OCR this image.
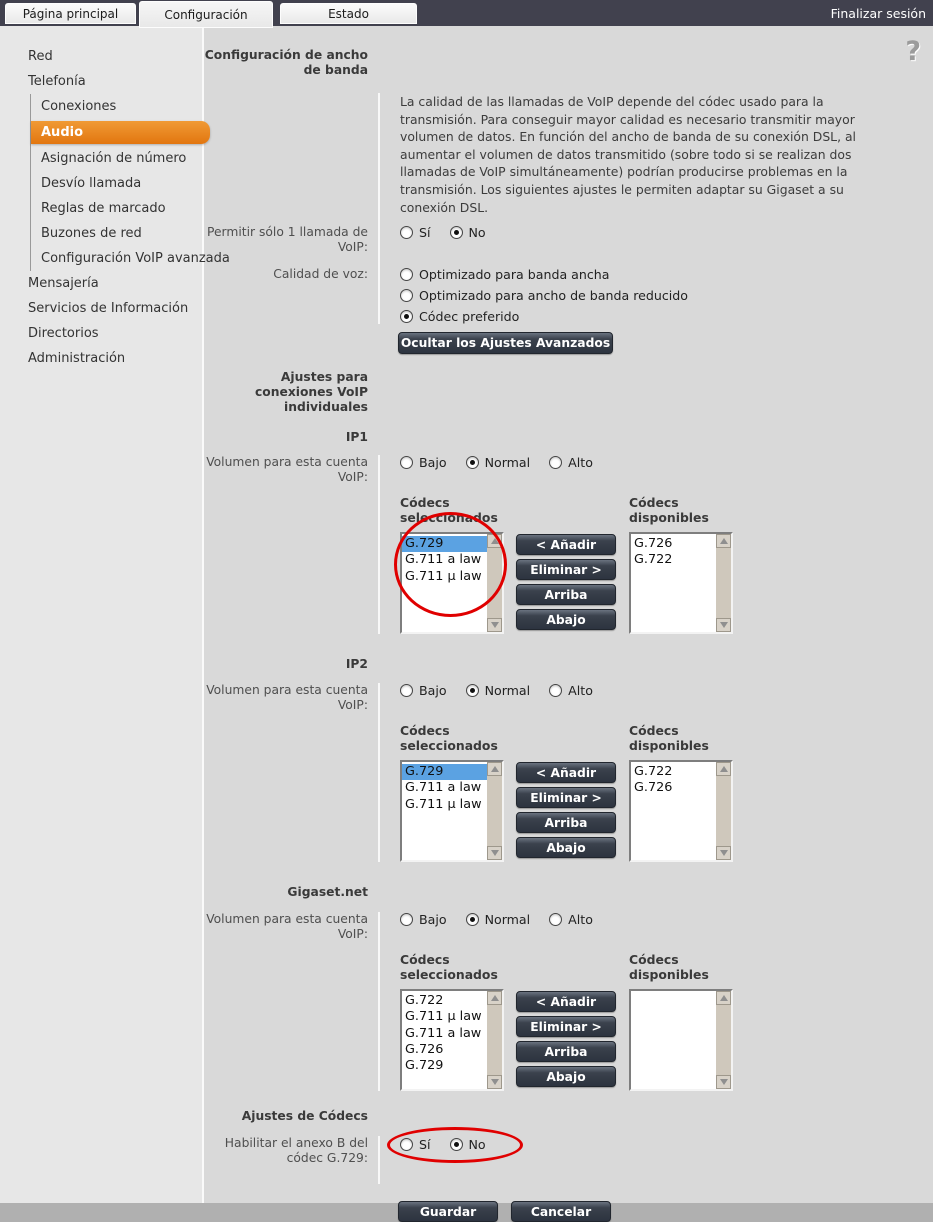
Página principal	Configuración	Estado	Finalizar sesión
Red
Telefonía
Conexiones
Audio
Asignación de número
Desvío llamada
Reglas de marcado
Buzones de red
Configuración VoIP avanzada
Mensajería
Servicios de Información
Directorios
Administración
?
Configuración de ancho de banda
La calidad de las llamadas de VoIP depende del códec usado para la transmisión. Para conseguir mayor calidad es necesario transmitir mayor volumen de datos. En función del ancho de banda de su conexión DSL, al aumentar el volumen de datos transmitido (sobre todo si se realizan dos llamadas de VoIP simultáneamente) podrían producirse problemas en la transmisión. Los siguientes ajustes le permiten adaptar su Gigaset a su conexión DSL.
Permitir sólo 1 llamada de VoIP:
Sí	No
Calidad de voz:	Optimizado para banda ancha
Optimizado para ancho de banda reducido
Códec preferido
Ocultar los Ajustes Avanzados
Ajustes para conexiones VoIP individuales
IP1
Volumen para esta cuenta VoIP:
Bajo	Normal	Alto
Códecs seleccionados
G.729
G.711 a law
G.711 μ law
< Añadir
Eliminar >
Arriba
Abajo
Códecs disponibles
G.726
G.722
IP2
Volumen para esta cuenta VoIP:
Bajo	Normal	Alto
Códecs seleccionados
G.729
G.711 a law
G.711 μ law
< Añadir
Eliminar >
Arriba
Abajo
Códecs disponibles
G.722
G.726
Gigaset.net
Volumen para esta cuenta VoIP:
Bajo	Normal	Alto
Códecs seleccionados
G.722
G.711 μ law
G.711 a law
G.726
G.729
< Añadir
Eliminar >
Arriba
Abajo
Códecs disponibles
Ajustes de Códecs
Habilitar el anexo B del códec G.729:
Sí	No
Guardar	Cancelar
